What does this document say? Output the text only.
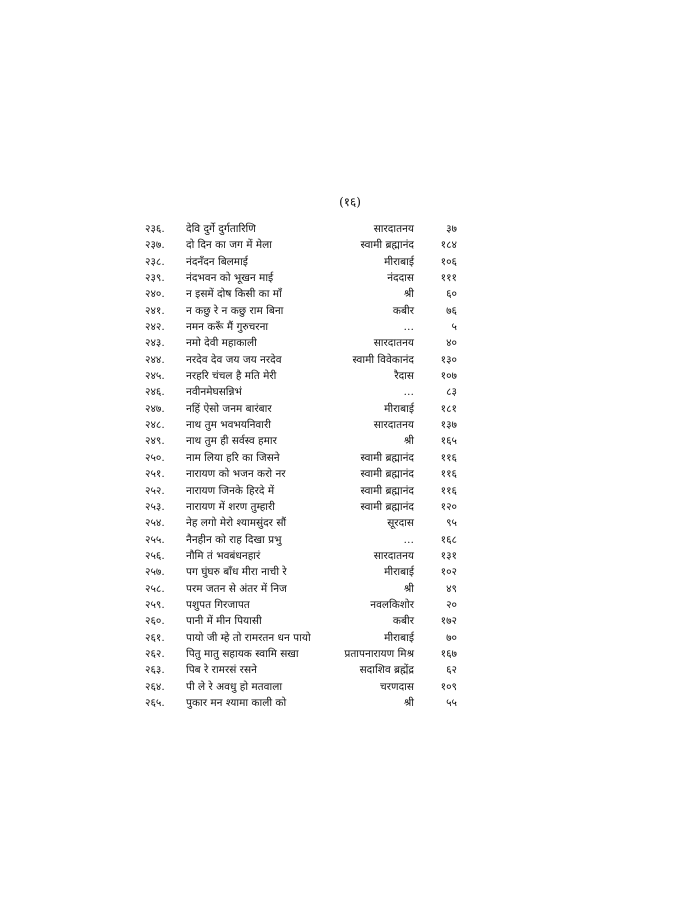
(१६)
२३६.	देवि दुर्गे दुर्गतारिणि	सारदातनय	३७
२३७.	दो दिन का जग में मेला	स्वामी ब्रह्मानंद	१८४
२३८.	नंदनँदन बिलमाई	मीराबाई	१०६
२३९.	नंदभवन को भूखन माई	नंददास	१११
२४०.	न इसमें दोष किसी का माँ	श्री	६०
२४१.	न कछु रे न कछु राम बिना	कबीर	७६
२४२.	नमन करूँ मैं गुरुचरना	…	५
२४३.	नमो देवी महाकाली	सारदातनय	४०
२४४.	नरदेव देव जय जय नरदेव	स्वामी विवेकानंद	१३०
२४५.	नरहरि चंचल है मति मेरी	रैदास	१०७
२४६.	नवीनमेघसन्निभं	…	८३
२४७.	नहिं ऐसो जनम बारंबार	मीराबाई	१८१
२४८.	नाथ तुम भवभयनिवारी	सारदातनय	१३७
२४९.	नाथ तुम ही सर्वस्व हमार	श्री	१६५
२५०.	नाम लिया हरि का जिसने	स्वामी ब्रह्मानंद	११६
२५१.	नारायण को भजन करो नर	स्वामी ब्रह्मानंद	११६
२५२.	नारायण जिनके हिरदे में	स्वामी ब्रह्मानंद	११६
२५३.	नारायण में शरण तुम्हारी	स्वामी ब्रह्मानंद	१२०
२५४.	नेह लगो मेरो श्यामसुंदर सौं	सूरदास	९५
२५५.	नैनहीन को राह दिखा प्रभु	…	१६८
२५६.	नौमि तं भवबंधनहारं	सारदातनय	१३१
२५७.	पग घुंघरु बाँध मीरा नाची रे	मीराबाई	१०२
२५८.	परम जतन से अंतर में निज	श्री	४९
२५९.	पशुपत गिरजापत	नवलकिशोर	२०
२६०.	पानी में मीन पियासी	कबीर	१७२
२६१.	पायो जी म्हे तो रामरतन धन पायो	मीराबाई	७०
२६२.	पितु मातु सहायक स्वामि सखा	प्रतापनारायण मिश्र	१६७
२६३.	पिब रे रामरसं रसने	सदाशिव ब्रह्मेंद्र	६२
२६४.	पी ले रे अवधु हो मतवाला	चरणदास	१०९
२६५.	पुकार मन श्यामा काली को	श्री	५५
